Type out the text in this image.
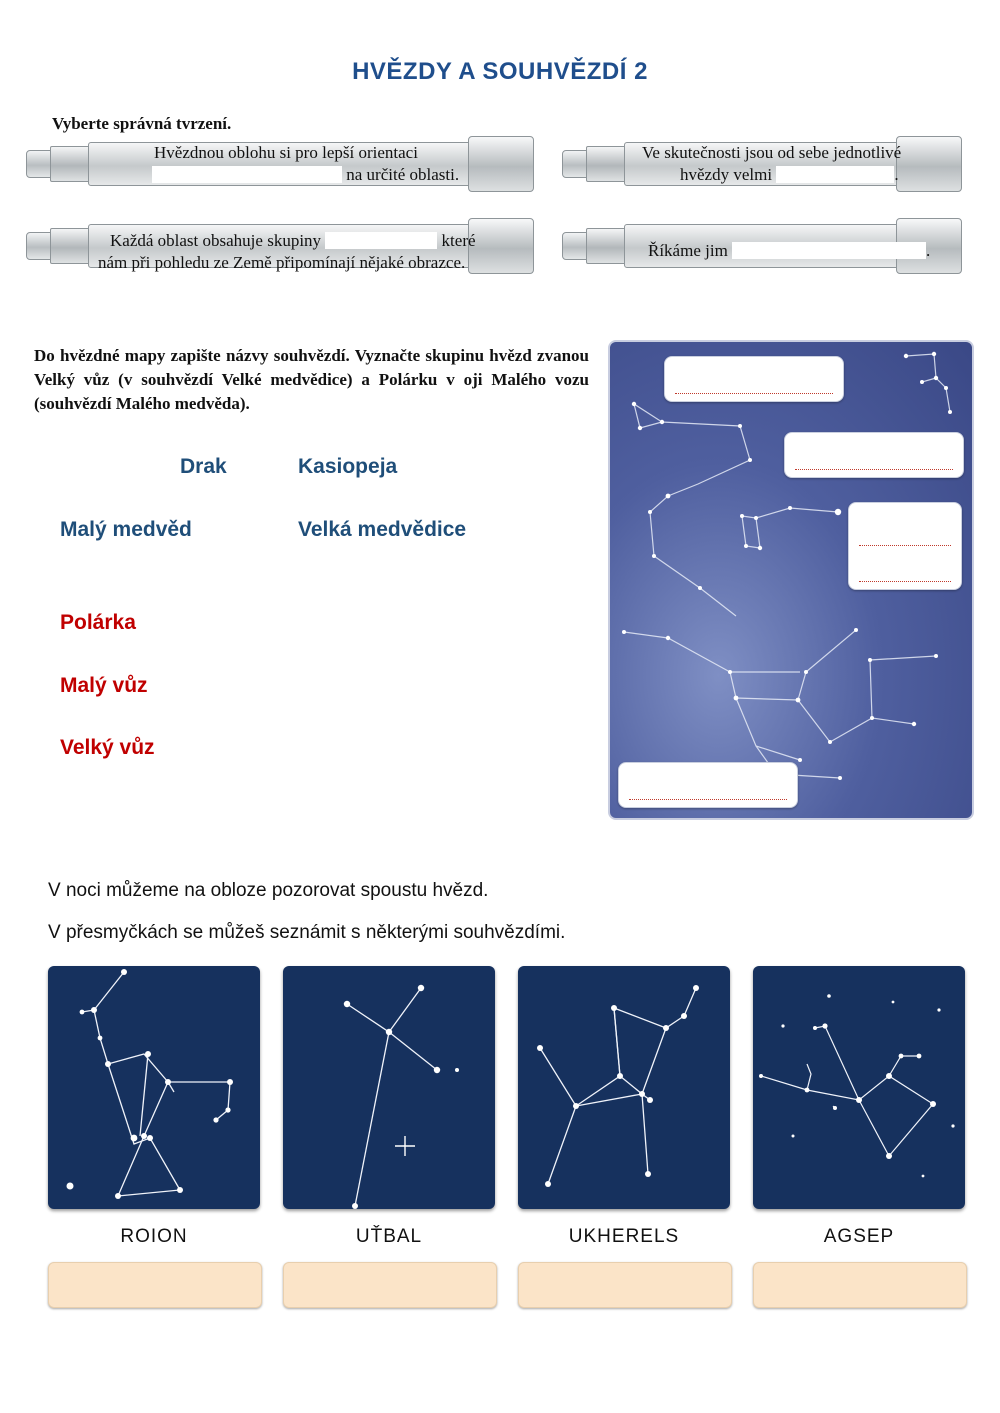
HVĚZDY A SOUHVĚZDÍ 2
Vyberte správná tvrzení.
Hvězdnou oblohu si pro lepší orientaci
na určité oblasti.
Ve skutečnosti jsou od sebe jednotlivé
hvězdy velmi	.
Každá oblast obsahuje skupiny	které
nám při pohledu ze Země připomínají nějaké obrazce.
Říkáme jim	.
Do hvězdné mapy zapište názvy souhvězdí. Vyznačte skupinu hvězd zvanou Velký vůz (v souhvězdí Velké medvědice) a Polárku v oji Malého vozu (souhvězdí Malého medvěda).
Drak	Kasiopeja
Malý medvěd	Velká medvědice
Polárka
Malý vůz
Velký vůz
V noci můžeme na obloze pozorovat spoustu hvězd.
V přesmyčkách se můžeš seznámit s některými souhvězdími.
ROION	UŤBAL	UKHERELS	AGSEP
